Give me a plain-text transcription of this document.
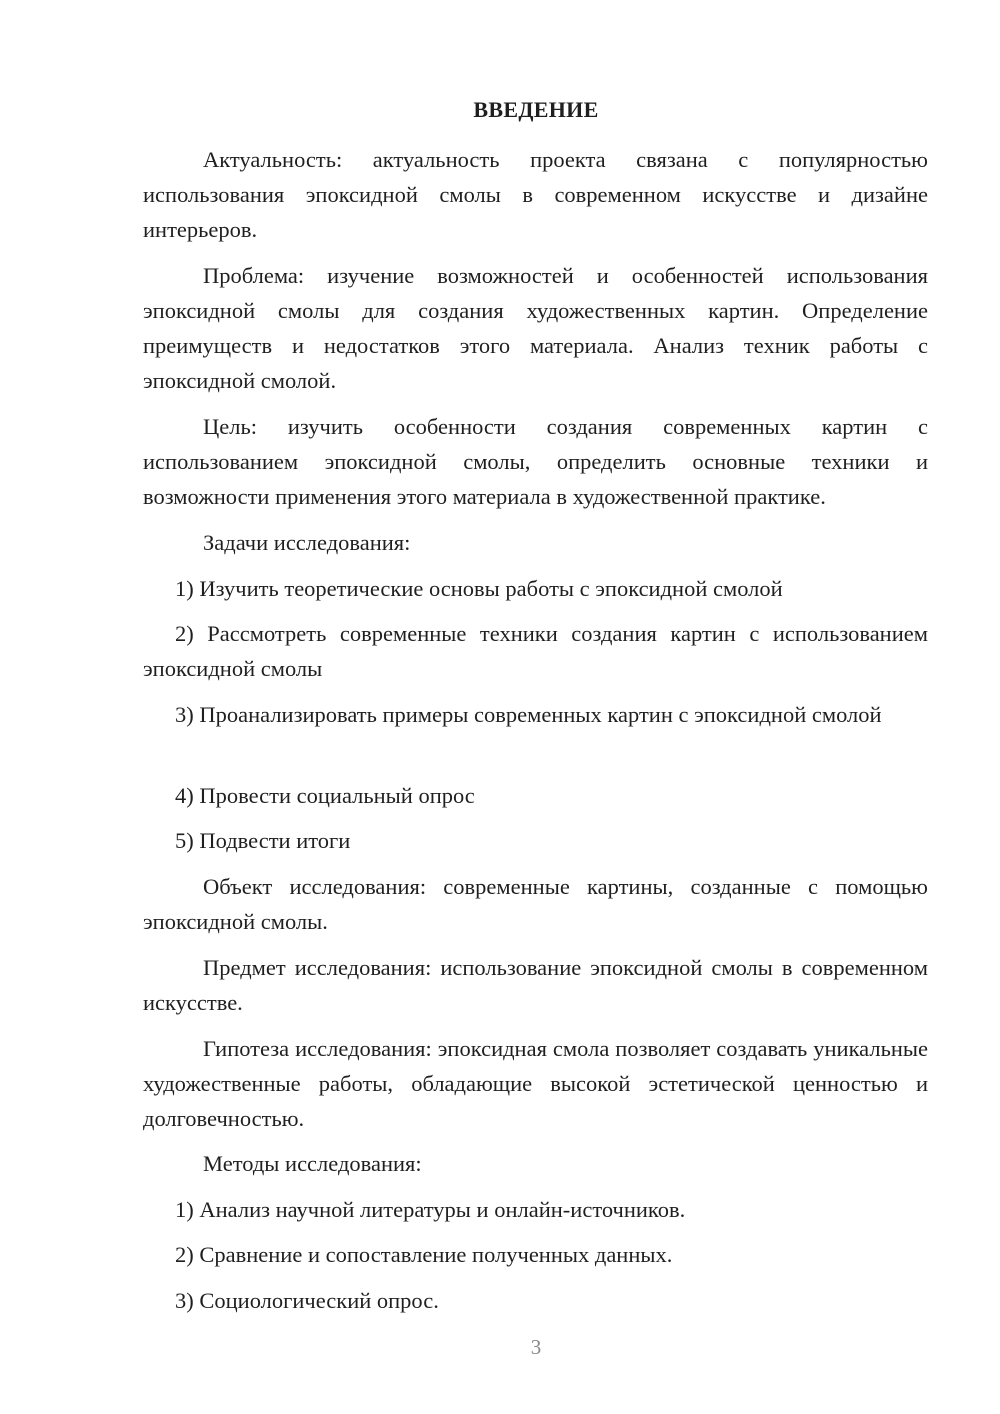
ВВЕДЕНИЕ

Актуальность: актуальность проекта связана с популярностью использования эпоксидной смолы в современном искусстве и дизайне интерьеров.

Проблема: изучение возможностей и особенностей использования эпоксидной смолы для создания художественных картин. Определение преимуществ и недостатков этого материала. Анализ техник работы с эпоксидной смолой.

Цель: изучить особенности создания современных картин с использованием эпоксидной смолы, определить основные техники и возможности применения этого материала в художественной практике.

Задачи исследования:

1) Изучить теоретические основы работы с эпоксидной смолой

2) Рассмотреть современные техники создания картин с использованием эпоксидной смолы

3) Проанализировать примеры современных картин с эпоксидной смолой

4) Провести социальный опрос

5) Подвести итоги

Объект исследования: современные картины, созданные с помощью эпоксидной смолы.

Предмет исследования: использование эпоксидной смолы в современном искусстве.

Гипотеза исследования: эпоксидная смола позволяет создавать уникальные художественные работы, обладающие высокой эстетической ценностью и долговечностью.

Методы исследования:

1) Анализ научной литературы и онлайн-источников.

2) Сравнение и сопоставление полученных данных.

3) Социологический опрос.

3
